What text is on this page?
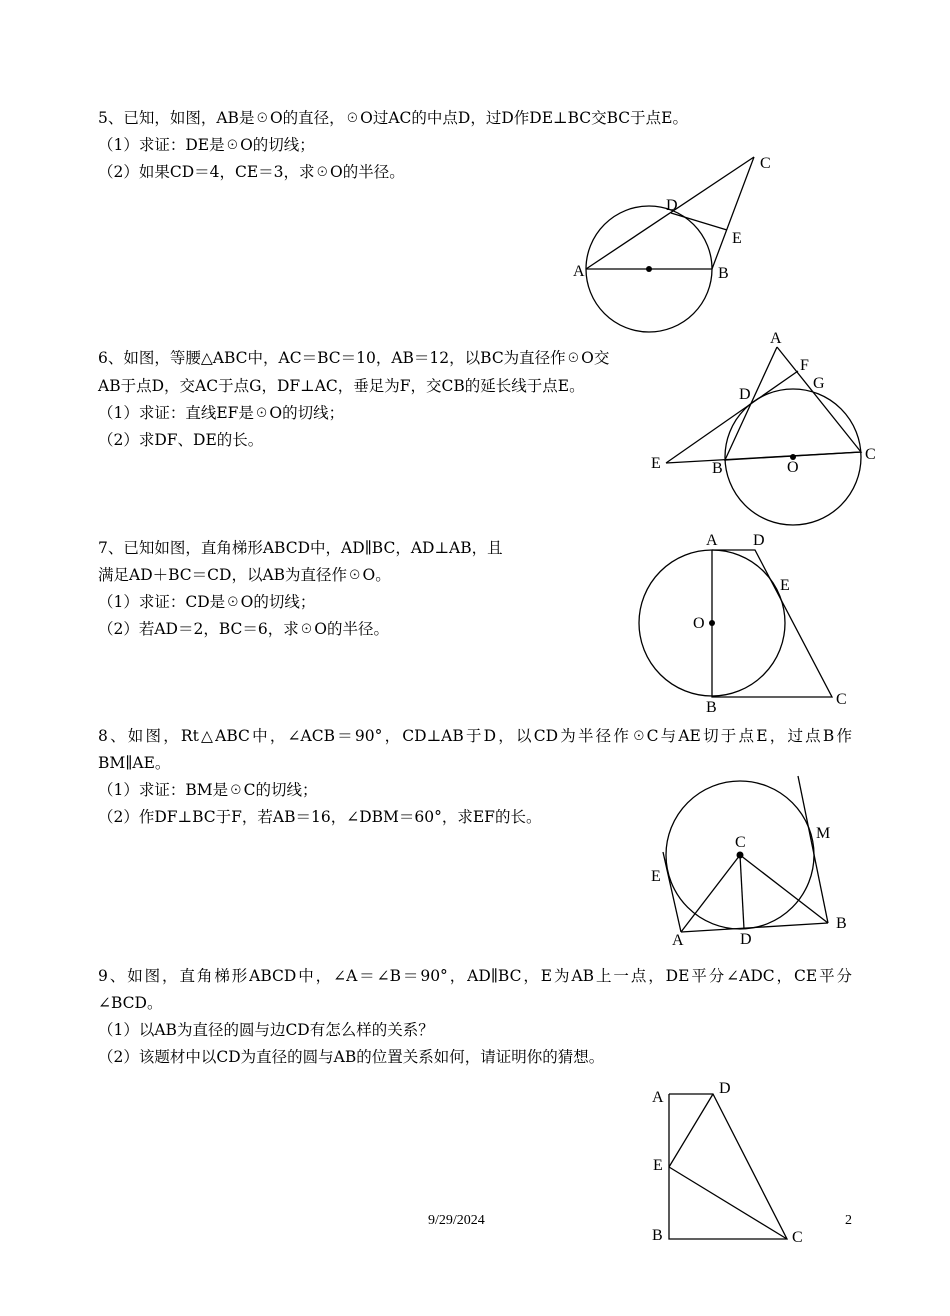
5、已知，如图，AB是☉O的直径，☉O过AC的中点D，过D作DE⊥BC交BC于点E。
（1）求证：DE是☉O的切线；
（2）如果CD＝4，CE＝3，求☉O的半径。
A	B
C
D
E
6、如图，等腰△ABC中，AC＝BC＝10，AB＝12，以BC为直径作☉O交
AB于点D，交AC于点G，DF⊥AC，垂足为F，交CB的延长线于点E。
（1）求证：直线EF是☉O的切线；
（2）求DF、DE的长。
A
F
G
D
E	B	O
C
7、已知如图，直角梯形ABCD中，AD∥BC，AD⊥AB，且
满足AD＋BC＝CD，以AB为直径作☉O。
（1）求证：CD是☉O的切线；
（2）若AD＝2，BC＝6，求☉O的半径。
A D
E
O
B	C
8、如图，Rt△ABC中，∠ACB＝90°，CD⊥AB于D，以CD为半径作☉C与AE切于点E，过点B作
BM∥AE。
（1）求证：BM是☉C的切线；
（2）作DF⊥BC于F，若AB＝16，∠DBM＝60°，求EF的长。
C
M
E
B
A	D
9、如图，直角梯形ABCD中，∠A＝∠B＝90°，AD∥BC，E为AB上一点，DE平分∠ADC，CE平分
∠BCD。
（1）以AB为直径的圆与边CD有怎么样的关系？
（2）该题材中以CD为直径的圆与AB的位置关系如何，请证明你的猜想。
A
D
E
B	C
9/29/2024	2
